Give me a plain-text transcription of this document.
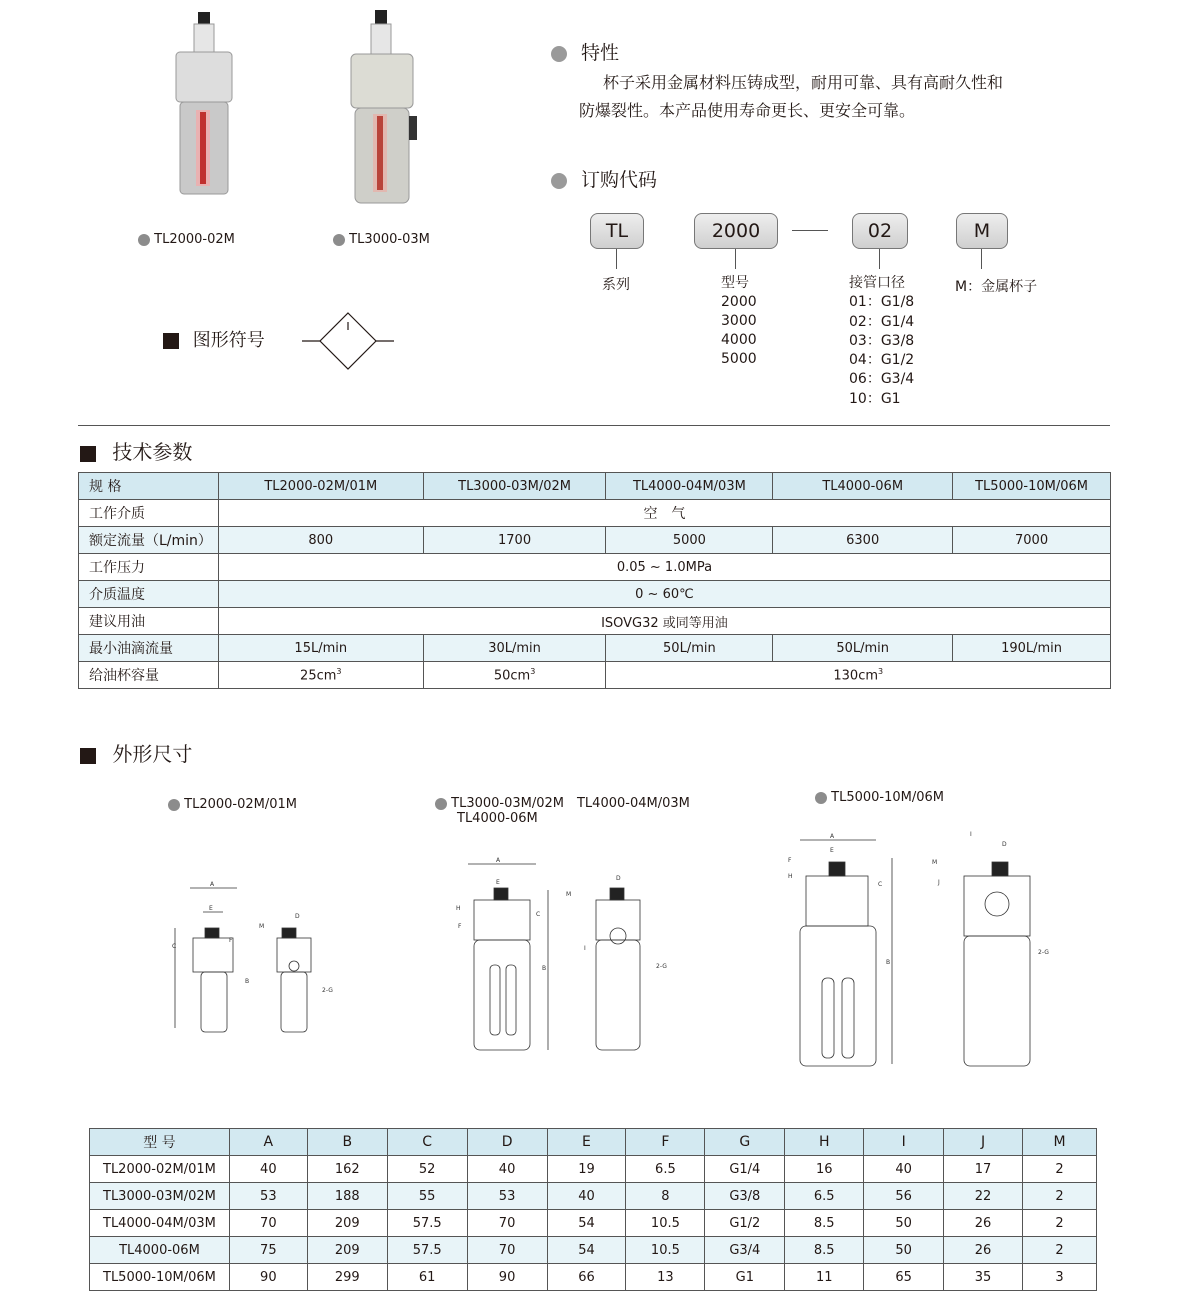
TL2000-02M	TL3000-03M
图形符号
特性
杯子采用金属材料压铸成型，耐用可靠、具有高耐久性和
防爆裂性。本产品使用寿命更长、更安全可靠。
订购代码
TL	2000	02	M
系列	型号
2000
3000
4000
5000
接管口径
01：G1/8
02：G1/4
03：G3/8
04：G1/2
06：G3/4
10：G1
M：金属杯子
技术参数
规 格	TL2000-02M/01M	TL3000-03M/02M	TL4000-04M/03M	TL4000-06M	TL5000-10M/06M
工作介质	空　气				
额定流量（L/min）	800	1700	5000	6300	7000
工作压力	0.05 ~ 1.0MPa				
介质温度	0 ~ 60℃				
建议用油	ISOVG32 或同等用油				
最小油滴流量	15L/min	30L/min	50L/min	50L/min	190L/min
给油杯容量	$25cm^3$	$50cm^3$	$130cm^3$
外形尺寸
TL2000-02M/01M	TL3000-03M/02M　TL4000-04M/03M
TL4000-06M
TL5000-10M/06M
A
E
C
B
F
D
M
2-G
A
E
B
C
H
F
D
M
I
2-G
A
E
B
C
H
F
I
D
M
J
2-G
型 号	A	B	C	D	E	F	G	H	I	J	M
TL2000-02M/01M	40	162	52	40	19	6.5	G1/4	16	40	17	2
TL3000-03M/02M	53	188	55	53	40	8	G3/8	6.5	56	22	2
TL4000-04M/03M	70	209	57.5	70	54	10.5	G1/2	8.5	50	26	2
TL4000-06M	75	209	57.5	70	54	10.5	G3/4	8.5	50	26	2
TL5000-10M/06M	90	299	61	90	66	13	G1	11	65	35	3
